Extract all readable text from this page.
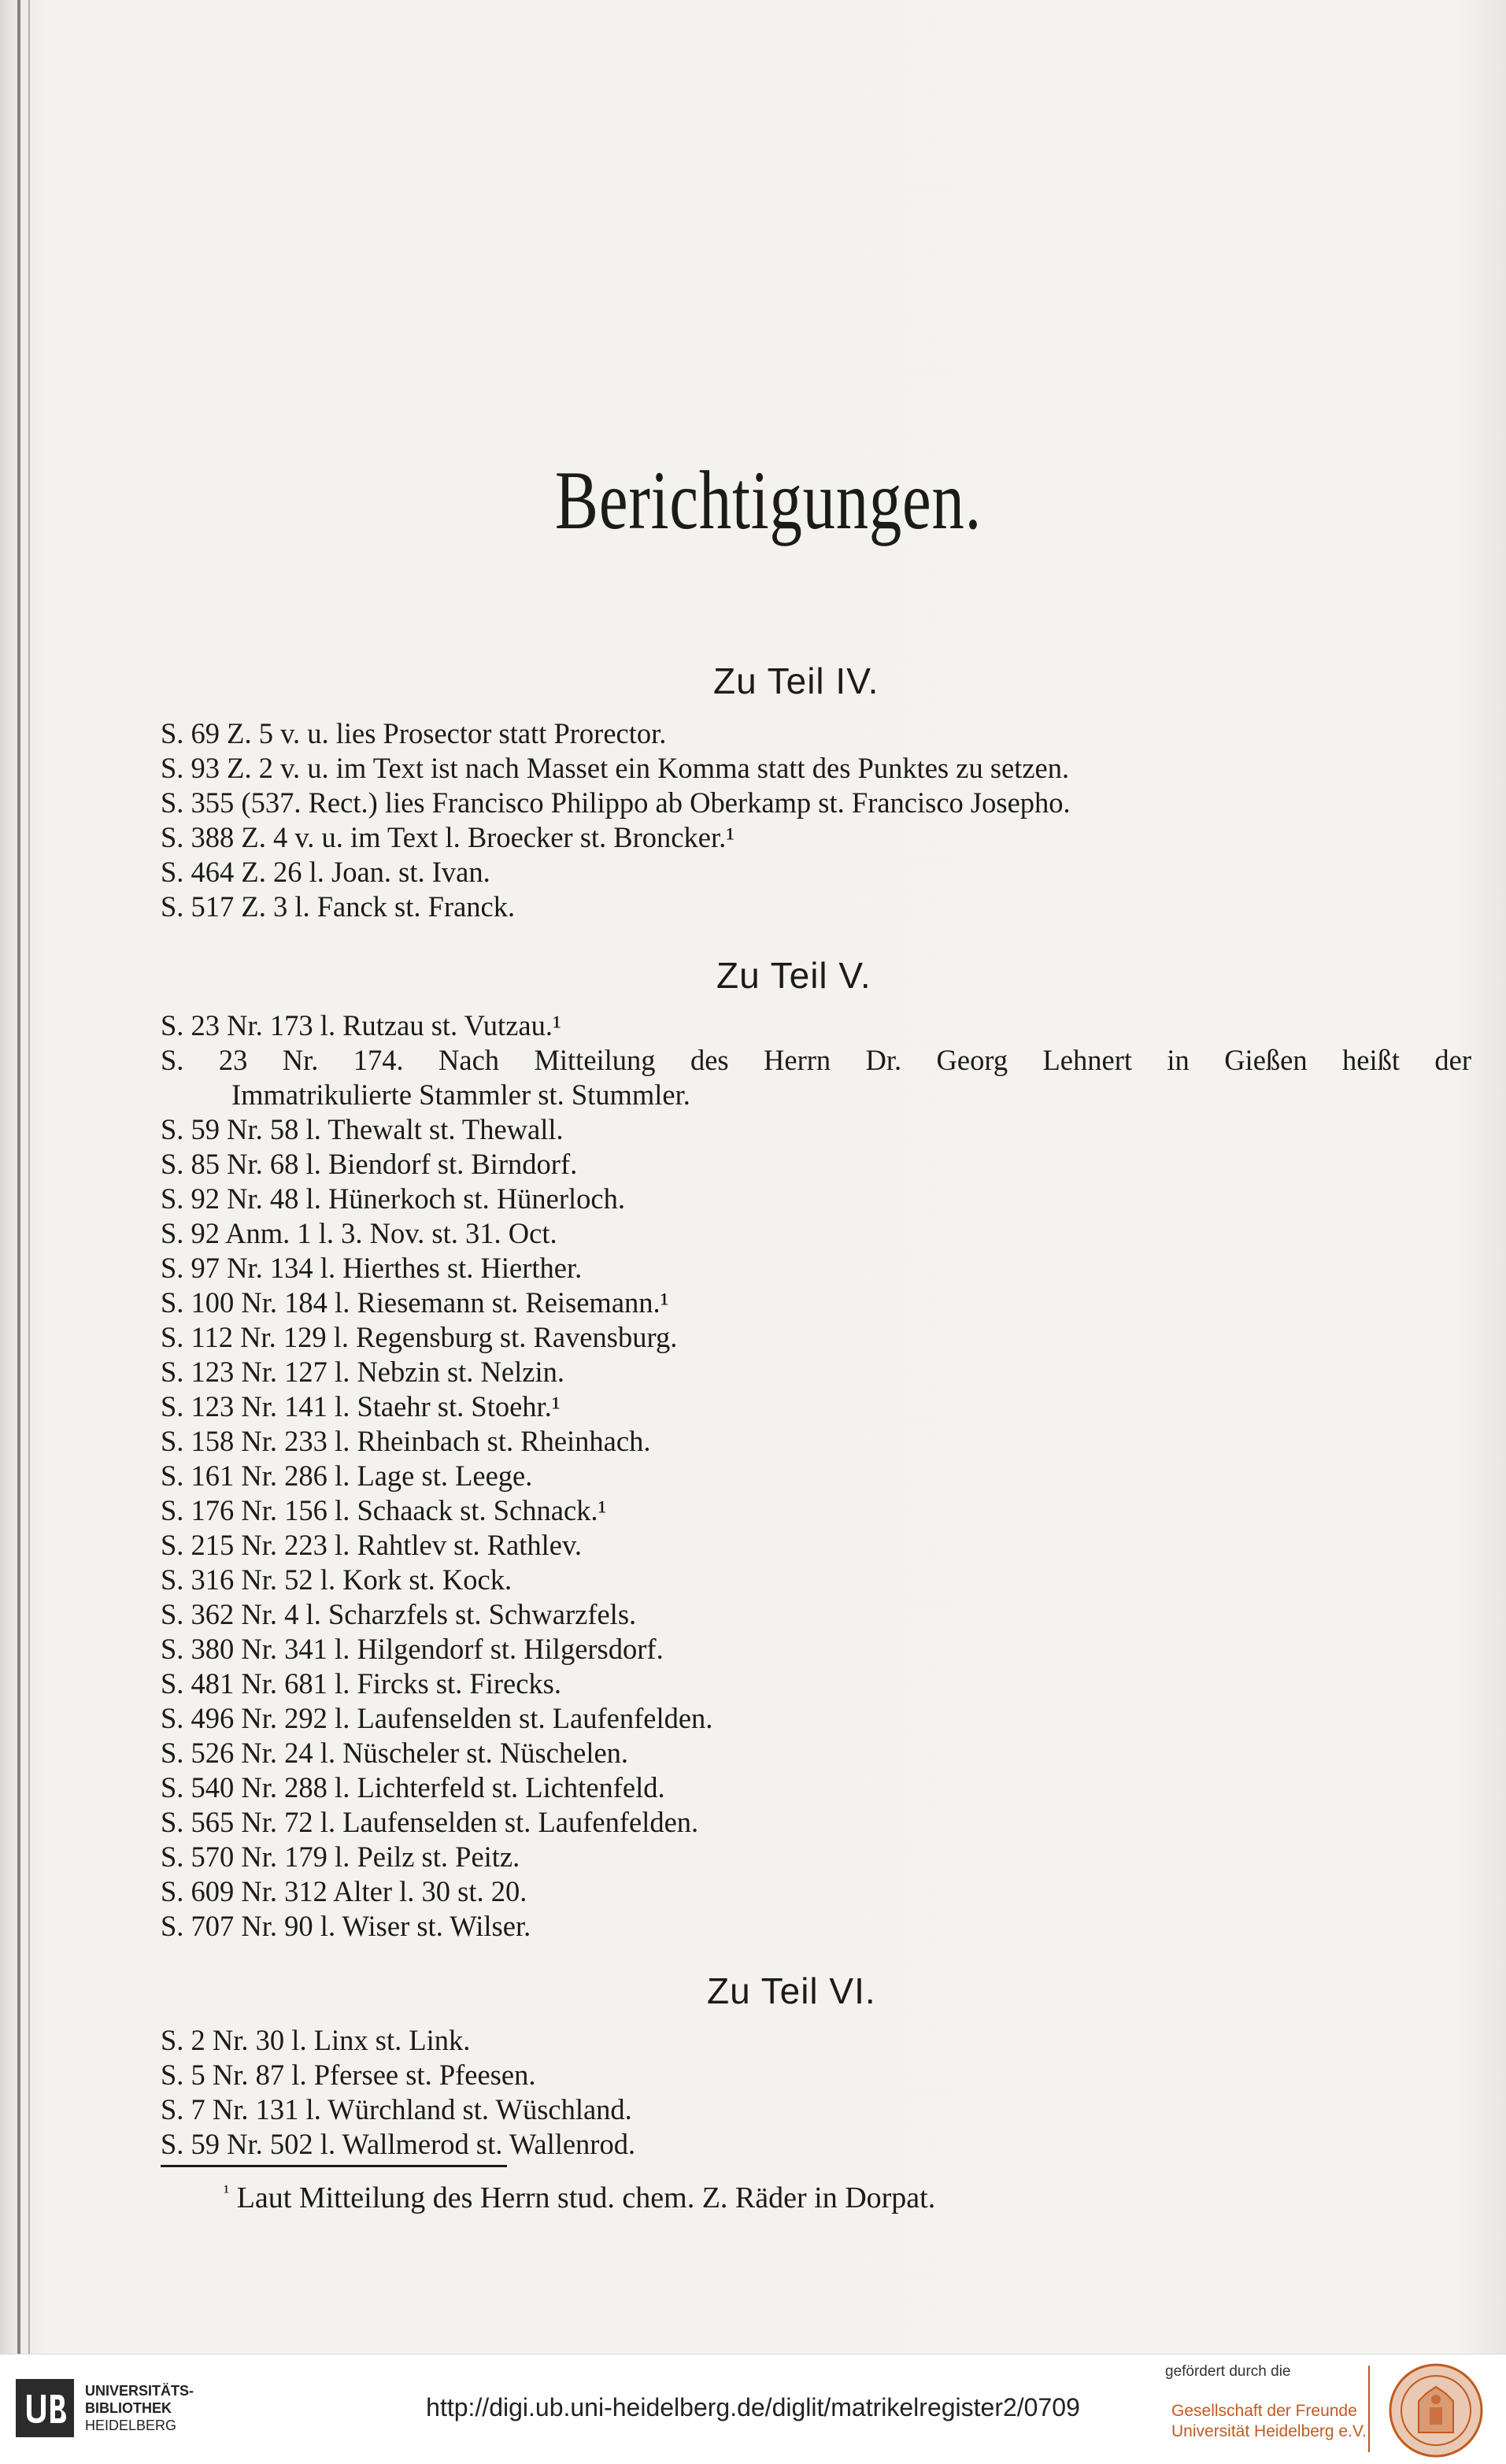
Berichtigungen.
Zu Teil IV.
S. 69 Z. 5 v. u. lies Prosector statt Prorector.
S. 93 Z. 2 v. u. im Text ist nach Masset ein Komma statt des Punktes zu setzen.
S. 355 (537. Rect.) lies Francisco Philippo ab Oberkamp st. Francisco Josepho.
S. 388 Z. 4 v. u. im Text l. Broecker st. Broncker.¹
S. 464 Z. 26 l. Joan. st. Ivan.
S. 517 Z. 3 l. Fanck st. Franck.
Zu Teil V.
S. 23 Nr. 173 l. Rutzau st. Vutzau.¹
S. 23 Nr. 174. Nach Mitteilung des Herrn Dr. Georg Lehnert in Gießen heißt der
Immatrikulierte Stammler st. Stummler.
S. 59 Nr. 58 l. Thewalt st. Thewall.
S. 85 Nr. 68 l. Biendorf st. Birndorf.
S. 92 Nr. 48 l. Hünerkoch st. Hünerloch.
S. 92 Anm. 1 l. 3. Nov. st. 31. Oct.
S. 97 Nr. 134 l. Hierthes st. Hierther.
S. 100 Nr. 184 l. Riesemann st. Reisemann.¹
S. 112 Nr. 129 l. Regensburg st. Ravensburg.
S. 123 Nr. 127 l. Nebzin st. Nelzin.
S. 123 Nr. 141 l. Staehr st. Stoehr.¹
S. 158 Nr. 233 l. Rheinbach st. Rheinhach.
S. 161 Nr. 286 l. Lage st. Leege.
S. 176 Nr. 156 l. Schaack st. Schnack.¹
S. 215 Nr. 223 l. Rahtlev st. Rathlev.
S. 316 Nr. 52 l. Kork st. Kock.
S. 362 Nr. 4 l. Scharzfels st. Schwarzfels.
S. 380 Nr. 341 l. Hilgendorf st. Hilgersdorf.
S. 481 Nr. 681 l. Fircks st. Firecks.
S. 496 Nr. 292 l. Laufenselden st. Laufenfelden.
S. 526 Nr. 24 l. Nüscheler st. Nüschelen.
S. 540 Nr. 288 l. Lichterfeld st. Lichtenfeld.
S. 565 Nr. 72 l. Laufenselden st. Laufenfelden.
S. 570 Nr. 179 l. Peilz st. Peitz.
S. 609 Nr. 312 Alter l. 30 st. 20.
S. 707 Nr. 90 l. Wiser st. Wilser.
Zu Teil VI.
S. 2 Nr. 30 l. Linx st. Link.
S. 5 Nr. 87 l. Pfersee st. Pfeesen.
S. 7 Nr. 131 l. Würchland st. Wüschland.
S. 59 Nr. 502 l. Wallmerod st. Wallenrod.
$^{^1}$ Laut Mitteilung des Herrn stud. chem. Z. Räder in Dorpat.
UNIVERSITÄTS-
BIBLIOTHEK
HEIDELBERG
http://digi.ub.uni-heidelberg.de/diglit/matrikelregister2/0709
gefördert durch die
Gesellschaft der Freunde
Universität Heidelberg e.V.
